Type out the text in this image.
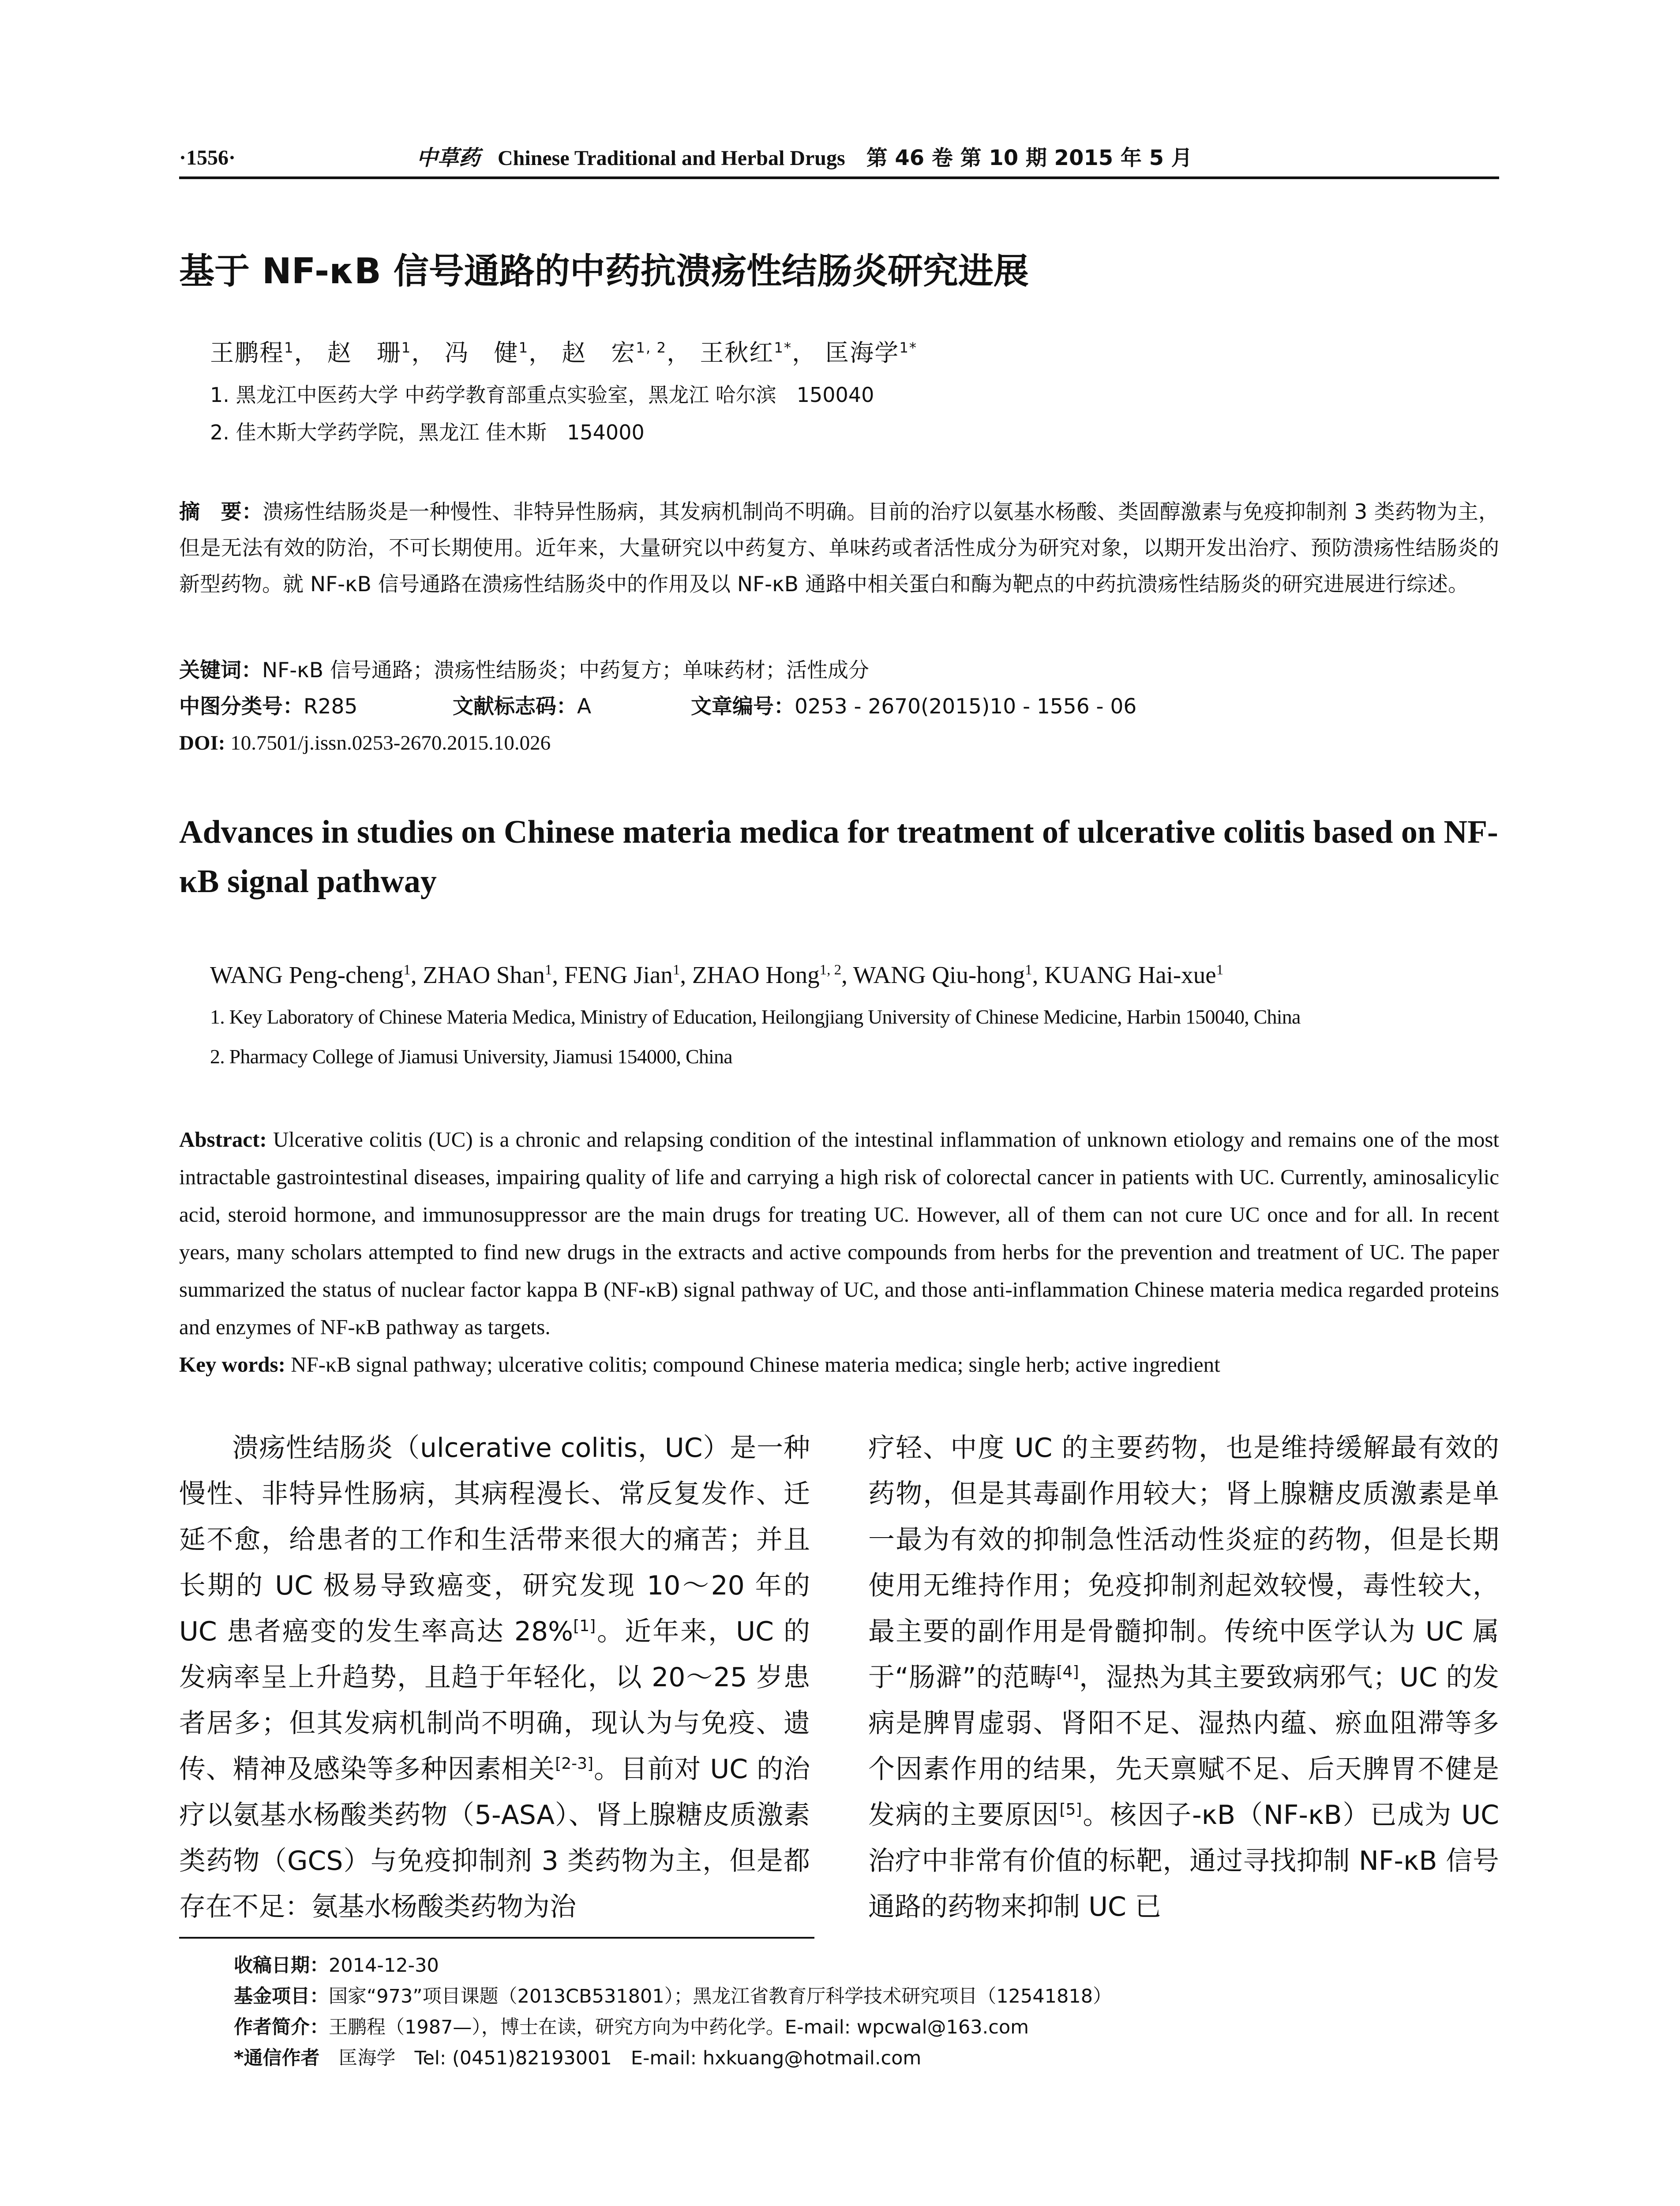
·1556·	中草药 Chinese Traditional and Herbal Drugs 第 46 卷 第 10 期 2015 年 5 月
基于 NF-κB 信号通路的中药抗溃疡性结肠炎研究进展
王鹏程$^1$， 赵　珊$^1$， 冯　健$^1$， 赵　宏$^{1, 2}$， 王秋红$^{1*}$， 匡海学$^{1*}$
1. 黑龙江中医药大学 中药学教育部重点实验室，黑龙江 哈尔滨　150040
2. 佳木斯大学药学院，黑龙江 佳木斯　154000
摘　要：溃疡性结肠炎是一种慢性、非特异性肠病，其发病机制尚不明确。目前的治疗以氨基水杨酸、类固醇激素与免疫抑制剂 3 类药物为主，但是无法有效的防治，不可长期使用。近年来，大量研究以中药复方、单味药或者活性成分为研究对象，以期开发出治疗、预防溃疡性结肠炎的新型药物。就 NF-κB 信号通路在溃疡性结肠炎中的作用及以 NF-κB 通路中相关蛋白和酶为靶点的中药抗溃疡性结肠炎的研究进展进行综述。
关键词：NF-κB 信号通路；溃疡性结肠炎；中药复方；单味药材；活性成分
中图分类号：R285	文献标志码：A	文章编号：0253 - 2670(2015)10 - 1556 - 06
DOI: 10.7501/j.issn.0253-2670.2015.10.026
Advances in studies on Chinese materia medica for treatment of ulcerative colitis based on NF-κB signal pathway
WANG Peng-cheng$^1$, ZHAO Shan$^1$, FENG Jian$^1$, ZHAO Hong$^{1, 2}$, WANG Qiu-hong$^1$, KUANG Hai-xue$^1$
1. Key Laboratory of Chinese Materia Medica, Ministry of Education, Heilongjiang University of Chinese Medicine, Harbin 150040, China
2. Pharmacy College of Jiamusi University, Jiamusi 154000, China
Abstract: Ulcerative colitis (UC) is a chronic and relapsing condition of the intestinal inflammation of unknown etiology and remains one of the most intractable gastrointestinal diseases, impairing quality of life and carrying a high risk of colorectal cancer in patients with UC. Currently, aminosalicylic acid, steroid hormone, and immunosuppressor are the main drugs for treating UC. However, all of them can not cure UC once and for all. In recent years, many scholars attempted to find new drugs in the extracts and active compounds from herbs for the prevention and treatment of UC. The paper summarized the status of nuclear factor kappa B (NF-κB) signal pathway of UC, and those anti-inflammation Chinese materia medica regarded proteins and enzymes of NF-κB pathway as targets.
Key words: NF-κB signal pathway; ulcerative colitis; compound Chinese materia medica; single herb; active ingredient
溃疡性结肠炎（ulcerative colitis，UC）是一种慢性、非特异性肠病，其病程漫长、常反复发作、迁延不愈，给患者的工作和生活带来很大的痛苦；并且长期的 UC 极易导致癌变，研究发现 10～20 年的 UC 患者癌变的发生率高达 28%[1]。近年来，UC 的发病率呈上升趋势，且趋于年轻化，以 20～25 岁患者居多；但其发病机制尚不明确，现认为与免疫、遗传、精神及感染等多种因素相关[2-3]。目前对 UC 的治疗以氨基水杨酸类药物（5-ASA）、肾上腺糖皮质激素类药物（GCS）与免疫抑制剂 3 类药物为主，但是都存在不足：氨基水杨酸类药物为治
疗轻、中度 UC 的主要药物，也是维持缓解最有效的药物，但是其毒副作用较大；肾上腺糖皮质激素是单一最为有效的抑制急性活动性炎症的药物，但是长期使用无维持作用；免疫抑制剂起效较慢，毒性较大，最主要的副作用是骨髓抑制。传统中医学认为 UC 属于“肠澼”的范畴[4]，湿热为其主要致病邪气；UC 的发病是脾胃虚弱、肾阳不足、湿热内蕴、瘀血阻滞等多个因素作用的结果，先天禀赋不足、后天脾胃不健是发病的主要原因[5]。核因子-κB（NF-κB）已成为 UC 治疗中非常有价值的标靶，通过寻找抑制 NF-κB 信号通路的药物来抑制 UC 已
收稿日期：2014-12-30
基金项目：国家“973”项目课题（2013CB531801）；黑龙江省教育厅科学技术研究项目（12541818）
作者简介：王鹏程（1987—），博士在读，研究方向为中药化学。E-mail: wpcwal@163.com
*通信作者　 匡海学　Tel: (0451)82193001　E-mail: hxkuang@hotmail.com
